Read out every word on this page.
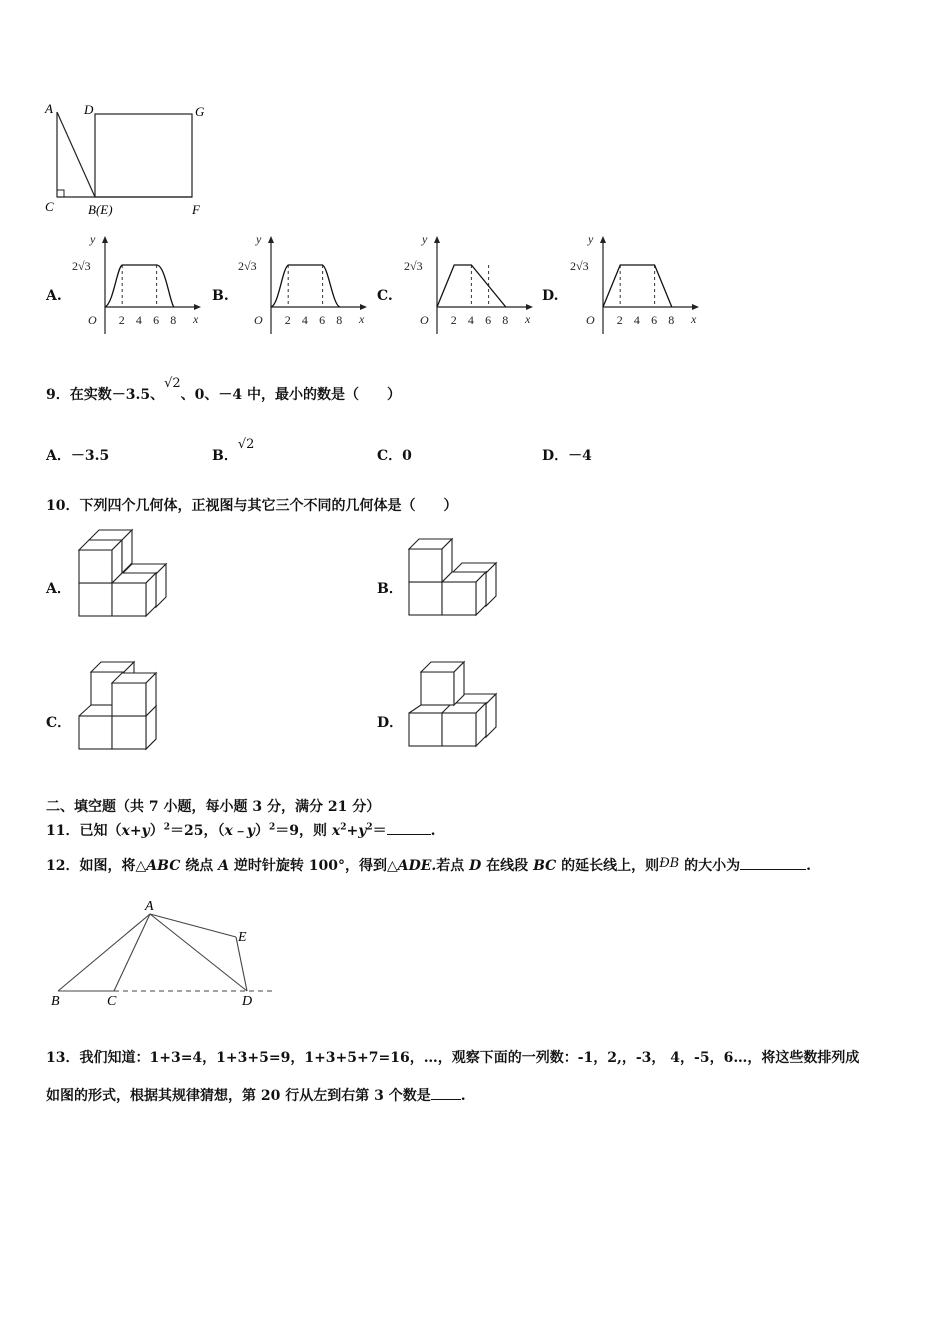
A D	G
C	B(E)	F
A.	B.	C.	D.
y
2√3
O 2 4 6 8 x
y
2√3
O 2 4 6 8 x
y
2√3
O 2 4 6 8 x
y
2√3
O 2 4 6 8 x
9．在实数－3.5、√2、0、－4 中，最小的数是（　　）
A．－3.5	B．√2
C．0	D．－4
10．下列四个几何体，正视图与其它三个不同的几何体是（　　）
A．	B．
C．	D．
二、填空题（共 7 小题，每小题 3 分，满分 21 分）
11．已知$(x+y)^2=25$，（x﹣y）$^2$＝9，则 $x^2+y^2=$	.
12．如图，将△ABC 绕点 A 逆时针旋转 100°，得到△ADE.若点 D 在线段 BC 的延长线上，则ÐB 的大小为	.
A
E
B	C	D
13．我们知道：1+3=4，1+3+5=9，1+3+5+7=16，…，观察下面的一列数：-1，2,，-3， 4，-5，6…，将这些数排列成
如图的形式，根据其规律猜想，第 20 行从左到右第 3 个数是 .
